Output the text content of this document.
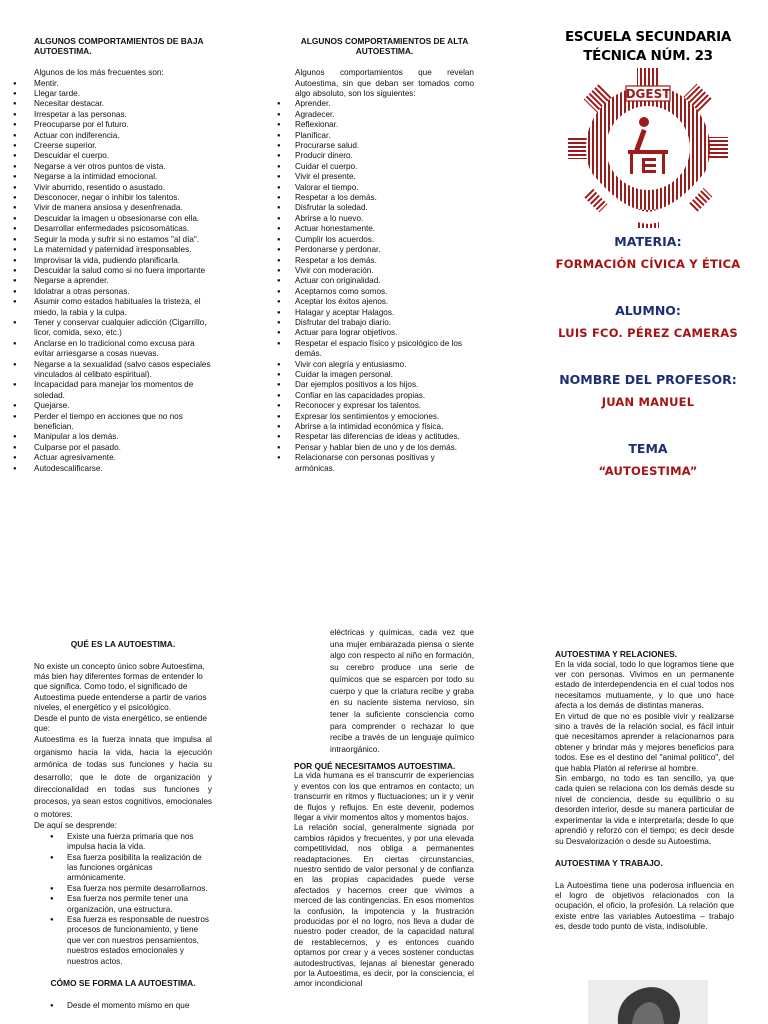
ALGUNOS COMPORTAMIENTOS DE BAJA AUTOESTIMA.
Algunos de los más frecuentes son:
● Mentir.
● Llegar tarde.
● Necesitar destacar.
● Irrespetar a las personas.
● Preocuparse por el futuro.
● Actuar con indiferencia.
● Creerse superior.
● Descuidar el cuerpo.
● Negarse a ver otros puntos de vista.
● Negarse a la intimidad emocional.
● Vivir aburrido, resentido o asustado.
● Desconocer, negar o inhibir los talentos.
● Vivir de manera ansiosa y desenfrenada.
● Descuidar la imagen u obsesionarse con ella.
● Desarrollar enfermedades psicosomáticas.
● Seguir la moda y sufrir si no estamos "al día".
● La maternidad y paternidad irresponsables.
● Improvisar la vida, pudiendo planificarla.
● Descuidar la salud como si no fuera importante
● Negarse a aprender.
● Idolatrar a otras personas.
● Asumir como estados habituales la tristeza, el miedo, la rabia y la culpa.
● Tener y conservar cualquier adicción (Cigarrillo, licor, comida, sexo, etc.)
● Anclarse en lo tradicional como excusa para evitar arriesgarse a cosas nuevas.
● Negarse a la sexualidad (salvo casos especiales vinculados al celibato espiritual).
● Incapacidad para manejar los momentos de soledad.
● Quejarse.
● Perder el tiempo en acciones que no nos benefician.
● Manipular a los demás.
● Culparse por el pasado.
● Actuar agresivamente.
● Autodescalificarse.
ALGUNOS COMPORTAMIENTOS DE ALTA AUTOESTIMA.
Algunos comportamientos que revelan Autoestima, sin que deban ser tomados como algo absoluto, son los siguientes:
● Aprender.
● Agradecer.
● Reflexionar.
● Planificar.
● Procurarse salud.
● Producir dinero.
● Cuidar el cuerpo.
● Vivir el presente.
● Valorar el tiempo.
● Respetar a los demás.
● Disfrutar la soledad.
● Abrirse a lo nuevo.
● Actuar honestamente.
● Cumplir los acuerdos.
● Perdonarse y perdonar.
● Respetar a los demás.
● Vivir con moderación.
● Actuar con originalidad.
● Aceptarnos como somos.
● Aceptar los éxitos ajenos.
● Halagar y aceptar Halagos.
● Disfrutar del trabajo diario.
● Actuar para lograr objetivos.
● Respetar el espacio físico y psicológico de los demás.
● Vivir con alegría y entusiasmo.
● Cuidar la imagen personal.
● Dar ejemplos positivos a los hijos.
● Confiar en las capacidades propias.
● Reconocer y expresar los talentos.
● Expresar los sentimientos y emociones.
● Abrirse a la intimidad económica y física.
● Respetar las diferencias de ideas y actitudes.
● Pensar y hablar bien de uno y de los demás.
● Relacionarse con personas positivas y armónicas.
ESCUELA SECUNDARIA
TÉCNICA NÚM. 23
DGEST
MATERIA:
FORMACIÓN CÍVICA Y ÉTICA
ALUMNO:
LUIS FCO. PÉREZ CAMERAS
NOMBRE DEL PROFESOR:
JUAN MANUEL
TEMA
“AUTOESTIMA”
QUÉ ES LA AUTOESTIMA.
No existe un concepto único sobre Autoestima, más bien hay diferentes formas de entender lo que significa. Como todo, el significado de Autoestima puede entenderse a partir de varios niveles, el energético y el psicológico.
Desde el punto de vista energético, se entiende que:
Autoestima es la fuerza innata que impulsa al organismo hacia la vida, hacia la ejecución armónica de todas sus funciones y hacia su desarrollo; que le dote de organización y direccionalidad en todas sus funciones y procesos, ya sean estos cognitivos, emocionales o motores.
De aquí se desprende:
● Existe una fuerza primaria que nos impulsa hacia la vida.
● Esa fuerza posibilita la realización de las funciones orgánicas armónicamente.
● Esa fuerza nos permite desarrollarnos.
● Esa fuerza nos permite tener una organización, una estructura.
● Esa fuerza es responsable de nuestros procesos de funcionamiento, y tiene que ver con nuestros pensamientos, nuestros estados emocionales y nuestros actos.
CÓMO SE FORMA LA AUTOESTIMA.
● Desde el momento mismo en que
eléctricas y químicas, cada vez que una mujer embarazada piensa o siente algo con respecto al niño en formación, su cerebro produce una serie de químicos que se esparcen por todo su cuerpo y que la criatura recibe y graba en su naciente sistema nervioso, sin tener la suficiente consciencia como para comprender o rechazar lo que recibe a través de un lenguaje químico intraorgánico.
POR QUÉ NECESITAMOS AUTOESTIMA.
La vida humana es el transcurrir de experiencias y eventos con los que entramos en contacto; un transcurrir en ritmos y fluctuaciones; un ir y venir de flujos y reflujos. En este devenir, podemos llegar a vivir momentos altos y momentos bajos.
La relación social, generalmente signada por cambios rápidos y frecuentes, y por una elevada competitividad, nos obliga a permanentes readaptaciones. En ciertas circunstancias, nuestro sentido de valor personal y de confianza en las propias capacidades puede verse afectados y hacernos creer que vivimos a merced de las contingencias. En esos momentos la confusión, la impotencia y la frustración producidas por el no logro, nos lleva a dudar de nuestro poder creador, de la capacidad natural de restablecernos, y es entonces cuando optamos por crear y a veces sostener conductas autodestructivas, lejanas al bienestar generado por la Autoestima, es decir, por la consciencia, el amor incondicional
AUTOESTIMA Y RELACIONES.
En la vida social, todo lo que logramos tiene que ver con personas. Vivimos en un permanente estado de interdependencia en el cual todos nos necesitamos mutuamente, y lo que uno hace afecta a los demás de distintas maneras.
En virtud de que no es posible vivir y realizarse sino a través de la relación social, es fácil intuir que necesitamos aprender a relacionarnos para obtener y brindar más y mejores beneficios para todos. Ese es el destino del "animal político", del que habla Platón al referirse al hombre.
Sin embargo, no todo es tan sencillo, ya que cada quien se relaciona con los demás desde su nivel de conciencia, desde su equilibrio o su desorden interior, desde su manera particular de experimentar la vida e interpretarla; desde lo que aprendió y reforzó con el tiempo; es decir desde su Desvalorización o desde su Autoestima.
AUTOESTIMA Y TRABAJO.
La Autoestima tiene una poderosa influencia en el logro de objetivos relacionados con la ocupación, el oficio, la profesión. La relación que existe entre las variables Autoestima – trabajo es, desde todo punto de vista, indisoluble.
